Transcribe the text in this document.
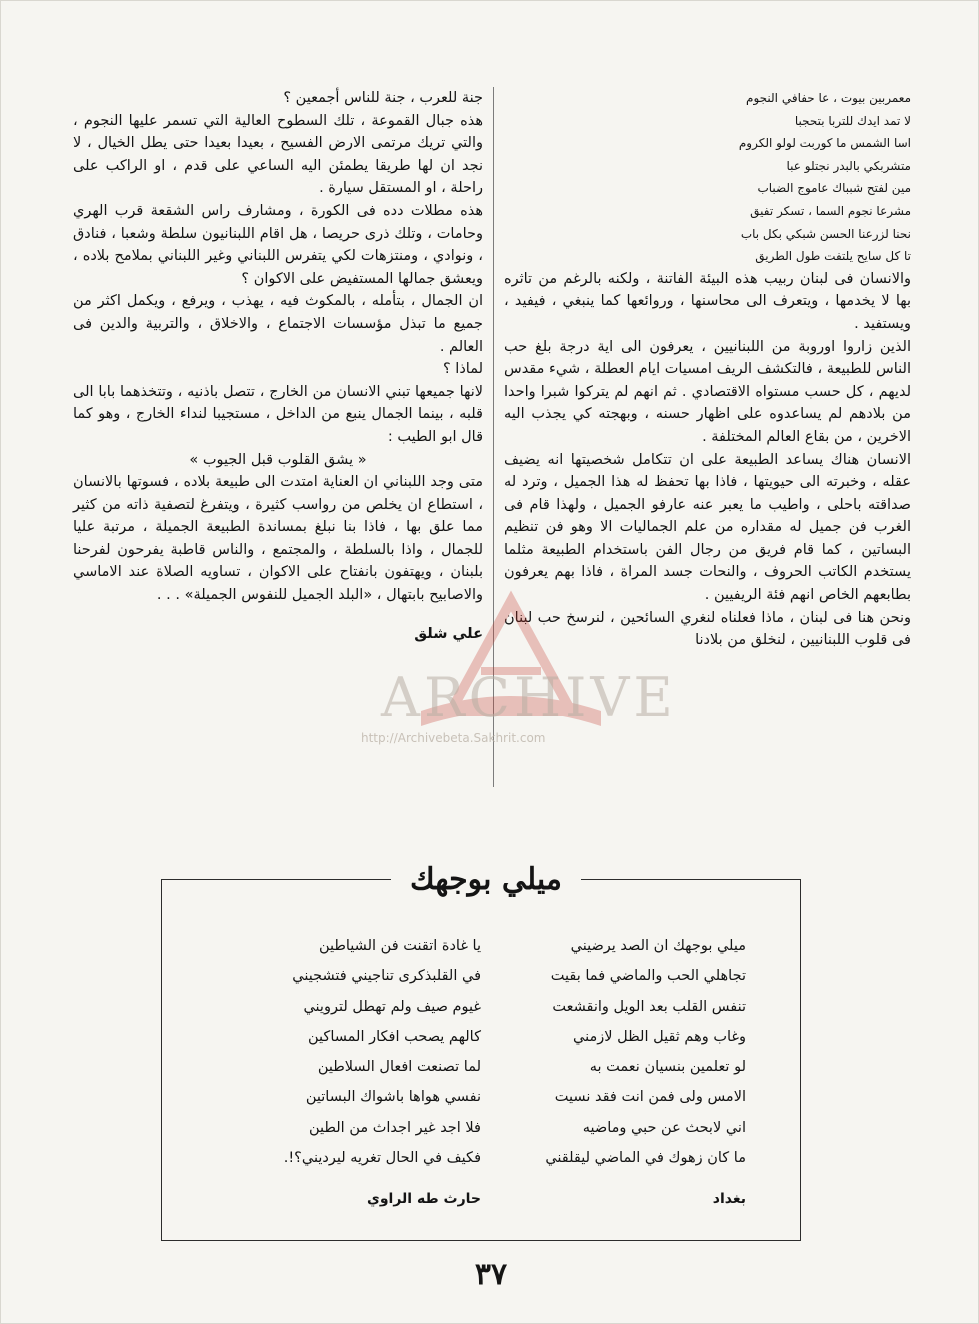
معمربين بيوت ، عا حفافي النجوم

لا تمد ايدك للتربا بتحجبا

اسا الشمس ما كوربت لولو الكروم

متشربكي بالبدر نجتلو عبا

مين لفتح شبباك عاموج الضباب

مشرعا نجوم السما ، تسكر تفيق

نحنا لزرعنا الحسن شبكي بكل باب

تا كل سايح يلتفت طول الطريق

والانسان فى لبنان ربيب هذه البيئة الفاتنة ، ولكنه بالرغم من تاثره بها لا يخدمها ، ويتعرف الى محاسنها ، وروائعها كما ينبغي ، فيفيد ، ويستفيد .

الذين زاروا اوروبة من اللبنانيين ، يعرفون الى اية درجة بلغ حب الناس للطبيعة ، فالتكشف الريف امسيات ايام العطلة ، شيء مقدس لديهم ، كل حسب مستواه الاقتصادي . ثم انهم لم يتركوا شبرا واحدا من بلادهم لم يساعدوه على اظهار حسنه ، وبهجته كي يجذب اليه الاخرين ، من بقاع العالم المختلفة .

الانسان هناك يساعد الطبيعة على ان تتكامل شخصيتها انه يضيف عقله ، وخبرته الى حيويتها ، فاذا بها تحفظ له هذا الجميل ، وترد له صداقته باحلى ، واطيب ما يعبر عنه عارفو الجميل ، ولهذا قام فى الغرب فن جميل له مقداره من علم الجماليات الا وهو فن تنظيم البساتين ، كما قام فريق من رجال الفن باستخدام الطبيعة مثلما يستخدم الكاتب الحروف ، والنحات جسد المراة ، فاذا بهم يعرفون بطابعهم الخاص انهم فئة الريفيين .

ونحن هنا فى لبنان ، ماذا فعلناه لنغري السائحين ، لنرسخ حب لبنان فى قلوب اللبنانيين ، لنخلق من بلادنا

جنة للعرب ، جنة للناس أجمعين ؟

هذه جبال القموعة ، تلك السطوح العالية التي تسمر عليها النجوم ، والتي تريك مرتمى الارض الفسيح ، بعيدا بعيدا حتى يطل الخيال ، لا نجد ان لها طريقا يطمئن اليه الساعي على قدم ، او الراكب على راحلة ، او المستقل سيارة .

هذه مطلات دده فى الكورة ، ومشارف راس الشقعة قرب الهري وحامات ، وتلك ذرى حريصا ، هل اقام اللبنانيون سلطة وشعبا ، فنادق ، ونوادي ، ومنتزهات لكي يتفرس اللبناني وغير اللبناني بملامح بلاده ، ويعشق جمالها المستفيض على الاكوان ؟

ان الجمال ، بتأمله ، بالمكوث فيه ، يهذب ، ويرفع ، ويكمل اكثر من جميع ما تبذل مؤسسات الاجتماع ، والاخلاق ، والتربية والدين فى العالم .

لماذا ؟

لانها جميعها تبني الانسان من الخارج ، تتصل باذنيه ، وتتخذهما بابا الى قلبه ، بينما الجمال ينبع من الداخل ، مستجيبا لنداء الخارج ، وهو كما قال ابو الطيب :

« يشق القلوب قبل الجيوب »

متى وجد اللبناني ان العناية امتدت الى طبيعة بلاده ، فسوتها بالانسان ، استطاع ان يخلص من رواسب كثيرة ، ويتفرغ لتصفية ذاته من كثير مما علق بها ، فاذا بنا نبلغ بمساندة الطبيعة الجميلة ، مرتبة عليا للجمال ، واذا بالسلطة ، والمجتمع ، والناس قاطبة يفرحون لفرحنا بلبنان ، ويهتفون بانفتاح على الاكوان ، تساويه الصلاة عند الاماسي والاصابيح بابتهال ، «البلد الجميل للنفوس الجميلة» . . .

علي شلق

ARCHIVE
http://Archivebeta.Sakhrit.com
ميلي بوجهك
ميلي بوجهك ان الصد يرضيني
تجاهلي الحب والماضي فما بقيت
تنفس القلب بعد الويل وانقشعت
وغاب وهم ثقيل الظل لازمني
لو تعلمين بنسيان نعمت به
الامس ولى فمن انت فقد نسيت
اني لابحث عن حبي وماضيه
ما كان زهوك في الماضي ليقلقني
يا غادة اتقنت فن الشياطين
في القلبذكرى تناجيني فتشجيني
غيوم صيف ولم تهطل لترويني
كالهم يصحب افكار المساكين
لما تصنعت افعال السلاطين
نفسي هواها باشواك البساتين
فلا اجد غير اجداث من الطين
فكيف في الحال تغريه ليرديني؟!.
بغداد
حارث طه الراوي
٣٧
